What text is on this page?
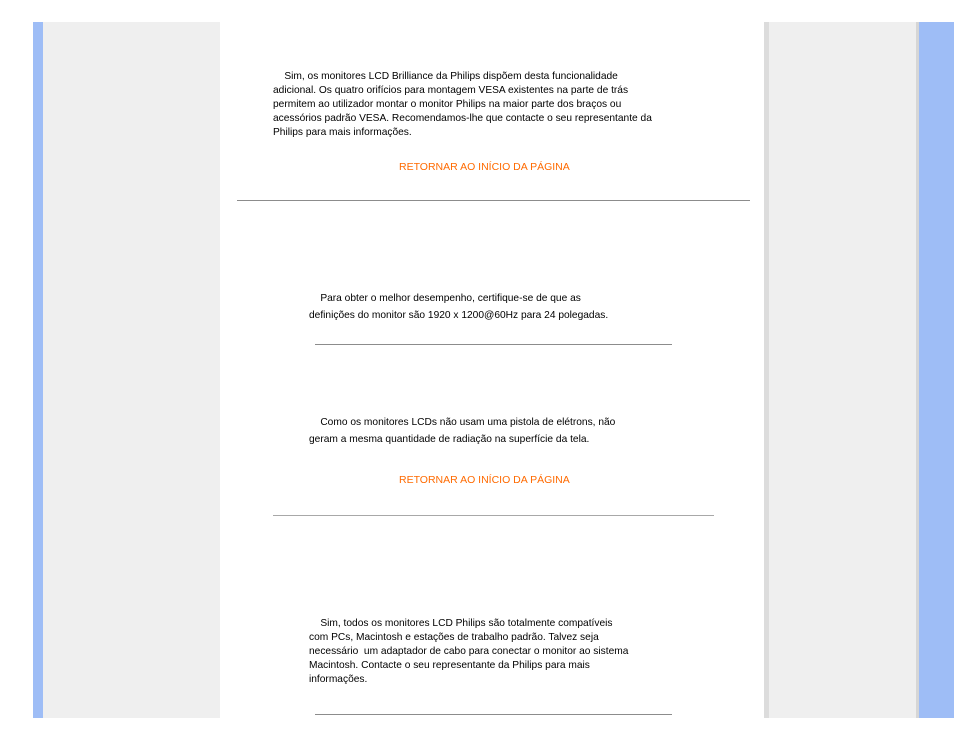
Sim, os monitores LCD Brilliance da Philips dispõem desta funcionalidade

adicional. Os quatro orifícios para montagem VESA existentes na parte de trás

permitem ao utilizador montar o monitor Philips na maior parte dos braços ou

acessórios padrão VESA. Recomendamos-lhe que contacte o seu representante da

Philips para mais informações.

RETORNAR AO INÍCIO DA PÁGINA

Para obter o melhor desempenho, certifique-se de que as

definições do monitor são 1920 x 1200@60Hz para 24 polegadas.

Como os monitores LCDs não usam uma pistola de elétrons, não

geram a mesma quantidade de radiação na superfície da tela.

RETORNAR AO INÍCIO DA PÁGINA

Sim, todos os monitores LCD Philips são totalmente compatíveis

com PCs, Macintosh e estações de trabalho padrão. Talvez seja

necessário  um adaptador de cabo para conectar o monitor ao sistema

Macintosh. Contacte o seu representante da Philips para mais

informações.
